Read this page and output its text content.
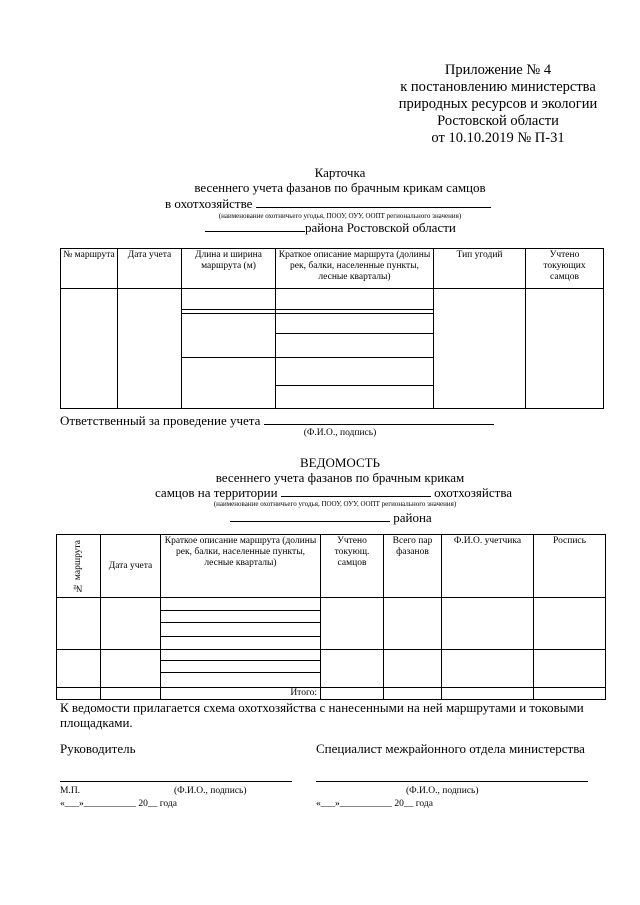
Приложение № 4
к постановлению министерства
природных ресурсов и экологии
Ростовской области
от 10.10.2019 № П-31
Карточка
весеннего учета фазанов по брачным крикам самцов
в охотхозяйстве
(наименование охотничьего угодья, ПООУ, ОУУ, ООПТ регионального значения)
района Ростовской области
№ маршрута	Дата учета	Длина и ширина маршрута (м)	Краткое описание маршрута (долины рек, балки, населенные пункты, лесные кварталы)	Тип угодий	Учтено токующих самцов

Ответственный за проведение учета
(Ф.И.О., подпись)
ВЕДОМОСТЬ
весеннего учета фазанов по брачным крикам
самцов на территории	охотхозяйства
(наименование охотничьего угодья, ПООУ, ОУУ, ООПТ регионального значения)
района
№ маршрута	Дата учета	Краткое описание маршрута (долины рек, балки, населенные пункты, лесные кварталы)	Учтено токующ. самцов	Всего пар фазанов	Ф.И.О. учетчика	Роспись

		Итого:				
К ведомости прилагается схема охотхозяйства с нанесенными на ней маршрутами и токовыми площадками.
Руководитель	Специалист межрайонного отдела министерства
М.П.	(Ф.И.О., подпись)	(Ф.И.О., подпись)
«___»___________ 20__ года	«___»___________ 20__ года
